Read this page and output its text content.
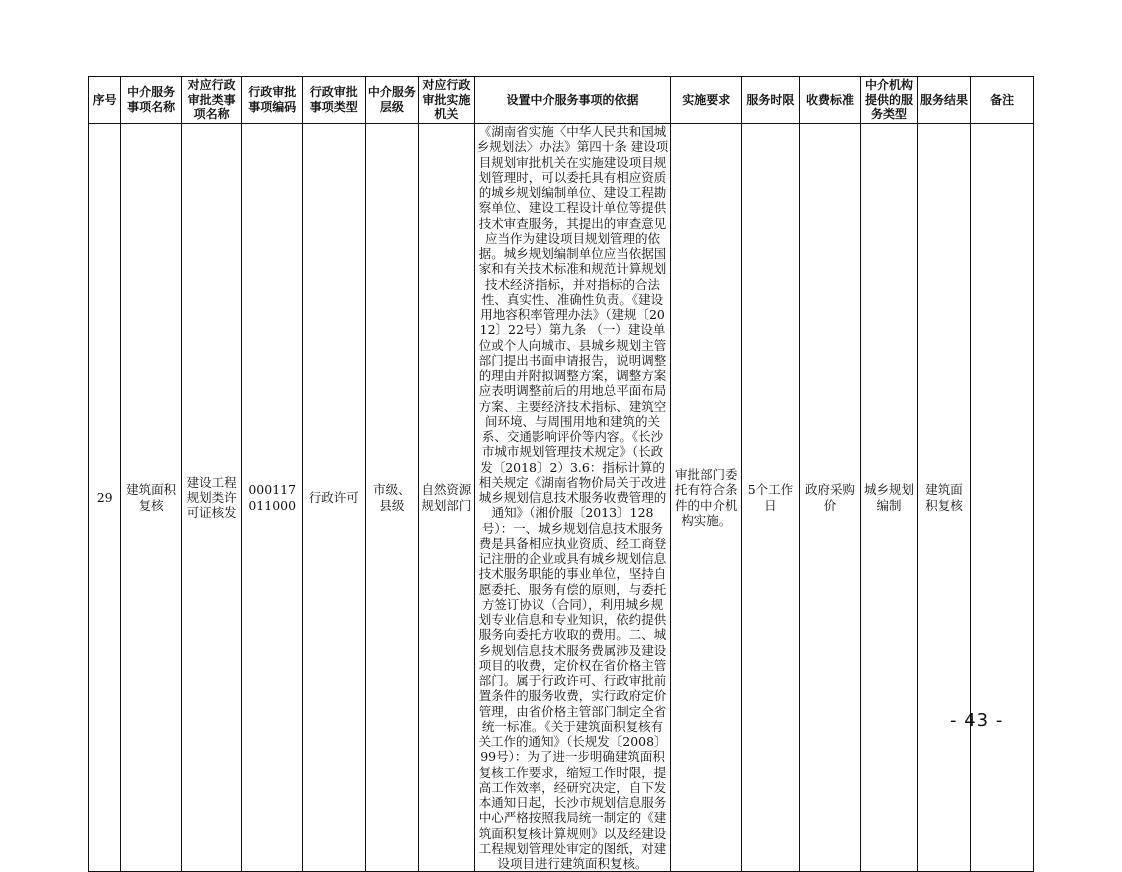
序号	中介服务事项名称	对应行政审批类事项名称	行政审批事项编码	行政审批事项类型	中介服务层级	对应行政审批实施机关	设置中介服务事项的依据	实施要求	服务时限	收费标准	中介机构提供的服务类型	服务结果	备注
29	建筑面积复核	建设工程规划类许可证核发	000117011000	行政许可	市级、县级	自然资源规划部门	《湖南省实施〈中华人民共和国城乡规划法〉办法》第四十条 建设项目规划审批机关在实施建设项目规划管理时，可以委托具有相应资质的城乡规划编制单位、建设工程勘察单位、建设工程设计单位等提供技术审查服务，其提出的审查意见应当作为建设项目规划管理的依据。城乡规划编制单位应当依据国家和有关技术标准和规范计算规划技术经济指标，并对指标的合法性、真实性、准确性负责。《建设用地容积率管理办法》（建规〔2012〕22号）第九条 （一）建设单位或个人向城市、县城乡规划主管部门提出书面申请报告，说明调整的理由并附拟调整方案，调整方案应表明调整前后的用地总平面布局方案、主要经济技术指标、建筑空间环境、与周围用地和建筑的关系、交通影响评价等内容。《长沙市城市规划管理技术规定》（长政发〔2018〕2）3.6：指标计算的相关规定《湖南省物价局关于改进城乡规划信息技术服务收费管理的通知》（湘价服〔2013〕128号）：一、城乡规划信息技术服务费是具备相应执业资质、经工商登记注册的企业或具有城乡规划信息技术服务职能的事业单位，坚持自愿委托、服务有偿的原则，与委托方签订协议（合同），利用城乡规划专业信息和专业知识，依约提供服务向委托方收取的费用。二、城乡规划信息技术服务费属涉及建设项目的收费，定价权在省价格主管部门。属于行政许可、行政审批前置条件的服务收费，实行政府定价管理，由省价格主管部门制定全省统一标准。《关于建筑面积复核有关工作的通知》（长规发〔2008〕99号）：为了进一步明确建筑面积复核工作要求，缩短工作时限，提高工作效率，经研究决定，自下发本通知日起，长沙市规划信息服务中心严格按照我局统一制定的《建筑面积复核计算规则》以及经建设工程规划管理处审定的图纸，对建设项目进行建筑面积复核。	审批部门委托有符合条件的中介机构实施。	5个工作日	政府采购价	城乡规划编制	建筑面积复核	
- 43 -
